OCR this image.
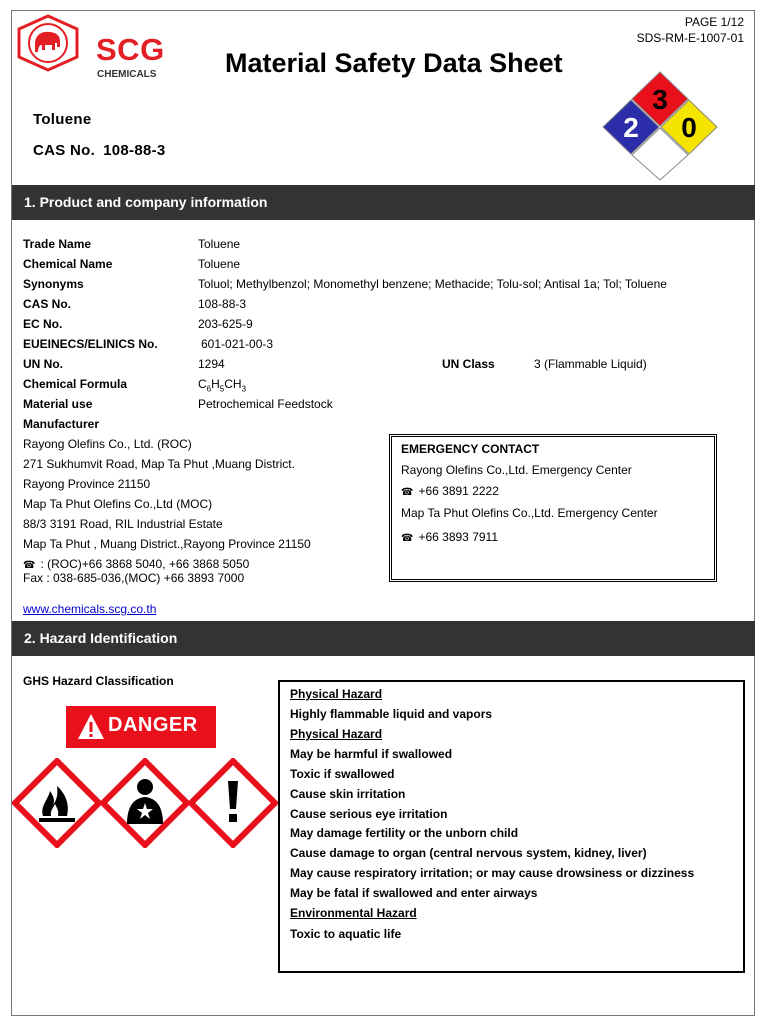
SCG
CHEMICALS
PAGE 1/12
SDS-RM-E-1007-01
Material Safety Data Sheet
Toluene
CAS No. 108-88-3
3
2 0
1. Product and company information
Trade Name	Toluene
Chemical Name	Toluene
Synonyms	Toluol; Methylbenzol; Monomethyl benzene; Methacide; Tolu-sol; Antisal 1a; Tol; Toluene
CAS No.	108-88-3
EC No.	203-625-9
EUEINECS/ELINICS No.	601-021-00-3
UN No.	1294	UN Class	3 (Flammable Liquid)
Chemical Formula	$C_6H_5CH_3$
Material use	Petrochemical Feedstock
Manufacturer
Rayong Olefins Co., Ltd. (ROC)
271 Sukhumvit Road, Map Ta Phut ,Muang District.
Rayong Province 21150
Map Ta Phut Olefins Co.,Ltd (MOC)
88/3 3191 Road, RIL Industrial Estate
Map Ta Phut , Muang District.,Rayong Province 21150
☎ : (ROC)+66 3868 5040, +66 3868 5050
Fax : 038-685-036,(MOC) +66 3893 7000
www.chemicals.scg.co.th
EMERGENCY CONTACT
Rayong Olefins Co.,Ltd. Emergency Center
☎ +66 3891 2222
Map Ta Phut Olefins Co.,Ltd. Emergency Center
☎ +66 3893 7911
2. Hazard Identification
GHS Hazard Classification
DANGER
Physical Hazard
Highly flammable liquid and vapors
Physical Hazard
May be harmful if swallowed
Toxic if swallowed
Cause skin irritation
Cause serious eye irritation
May damage fertility or the unborn child
Cause damage to organ (central nervous system, kidney, liver)
May cause respiratory irritation; or may cause drowsiness or dizziness
May be fatal if swallowed and enter airways
Environmental Hazard
Toxic to aquatic life
